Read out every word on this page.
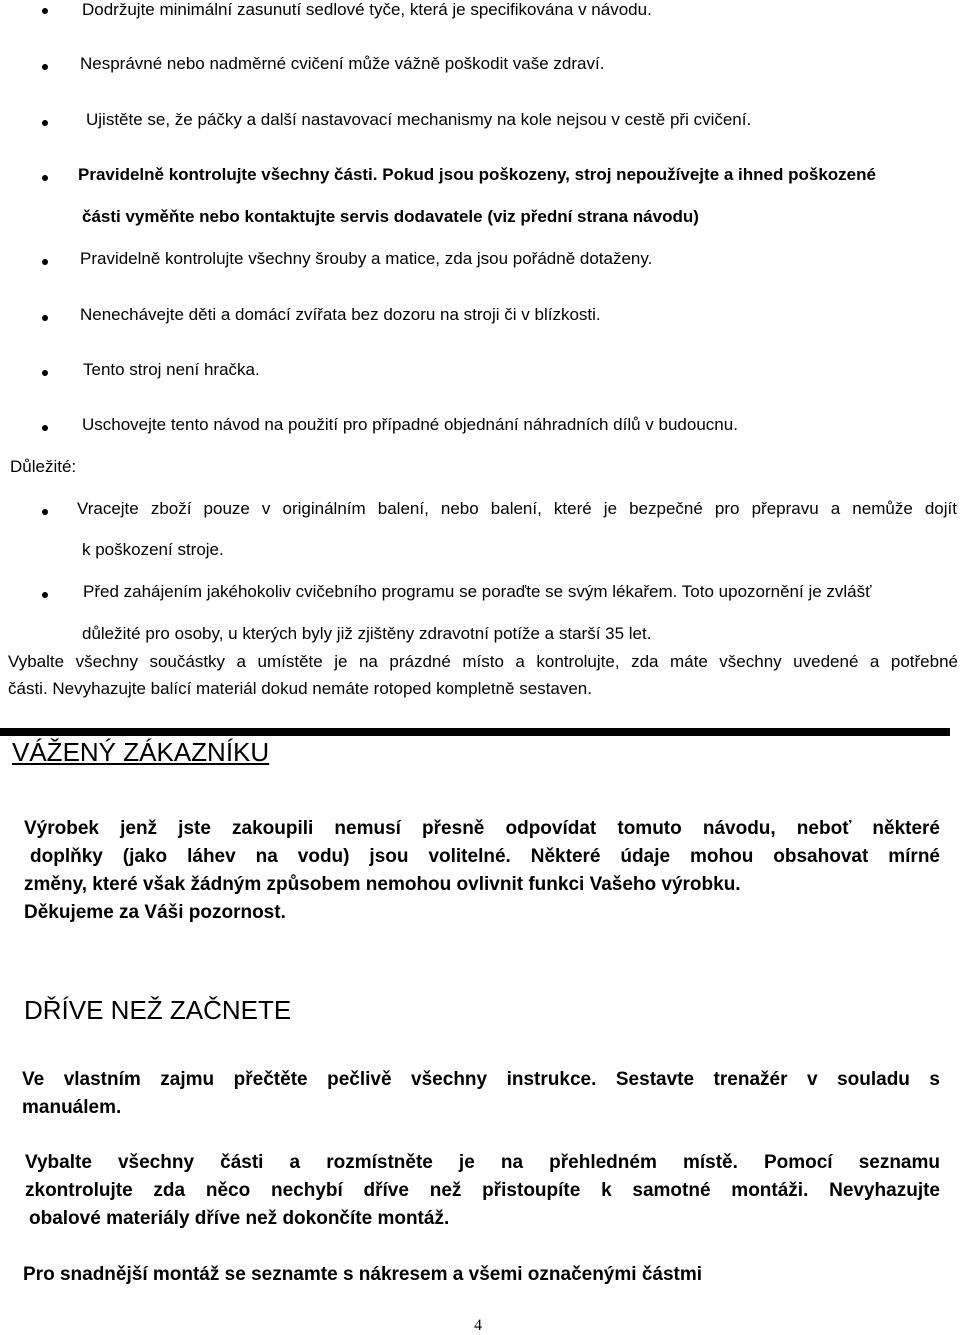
Dodržujte minimální zasunutí sedlové tyče, která je specifikována v návodu.
Nesprávné nebo nadměrné cvičení může vážně poškodit vaše zdraví.
Ujistěte se, že páčky a další nastavovací mechanismy na kole nejsou v cestě při cvičení.
Pravidelně kontrolujte všechny části. Pokud jsou poškozeny, stroj nepoužívejte a ihned poškozené
části vyměňte nebo kontaktujte servis dodavatele (viz přední strana návodu)
Pravidelně kontrolujte všechny šrouby a matice, zda jsou pořádně dotaženy.
Nenechávejte děti a domácí zvířata bez dozoru na stroji či v blízkosti.
Tento stroj není hračka.
Uschovejte tento návod na použití pro případné objednání náhradních dílů v budoucnu.
Důležité:
Vracejte zboží pouze v originálním balení, nebo balení, které je bezpečné pro přepravu a nemůže dojít
k poškození stroje.
Před zahájením jakéhokoliv cvičebního programu se poraďte se svým lékařem. Toto upozornění je zvlášť
důležité pro osoby, u kterých byly již zjištěny zdravotní potíže a starší 35 let.
Vybalte všechny součástky a umístěte je na prázdné místo a kontrolujte, zda máte všechny uvedené a potřebné
části. Nevyhazujte balící materiál dokud nemáte rotoped kompletně sestaven.
VÁŽENÝ ZÁKAZNÍKU
Výrobek jenž jste zakoupili nemusí přesně odpovídat tomuto návodu, neboť některé
doplňky (jako láhev na vodu) jsou volitelné. Některé údaje mohou obsahovat mírné
změny, které však žádným způsobem nemohou ovlivnit funkci Vašeho výrobku.
Děkujeme za Váši pozornost.
DŘÍVE NEŽ ZAČNETE
Ve vlastním zajmu přečtěte pečlivě všechny instrukce. Sestavte trenažér v souladu s
manuálem.
Vybalte všechny části a rozmístněte je na přehledném místě. Pomocí seznamu
zkontrolujte zda něco nechybí dříve než přistoupíte k samotné montáži. Nevyhazujte
obalové materiály dříve než dokončíte montáž.
Pro snadnější montáž se seznamte s nákresem a všemi označenými částmi
4
